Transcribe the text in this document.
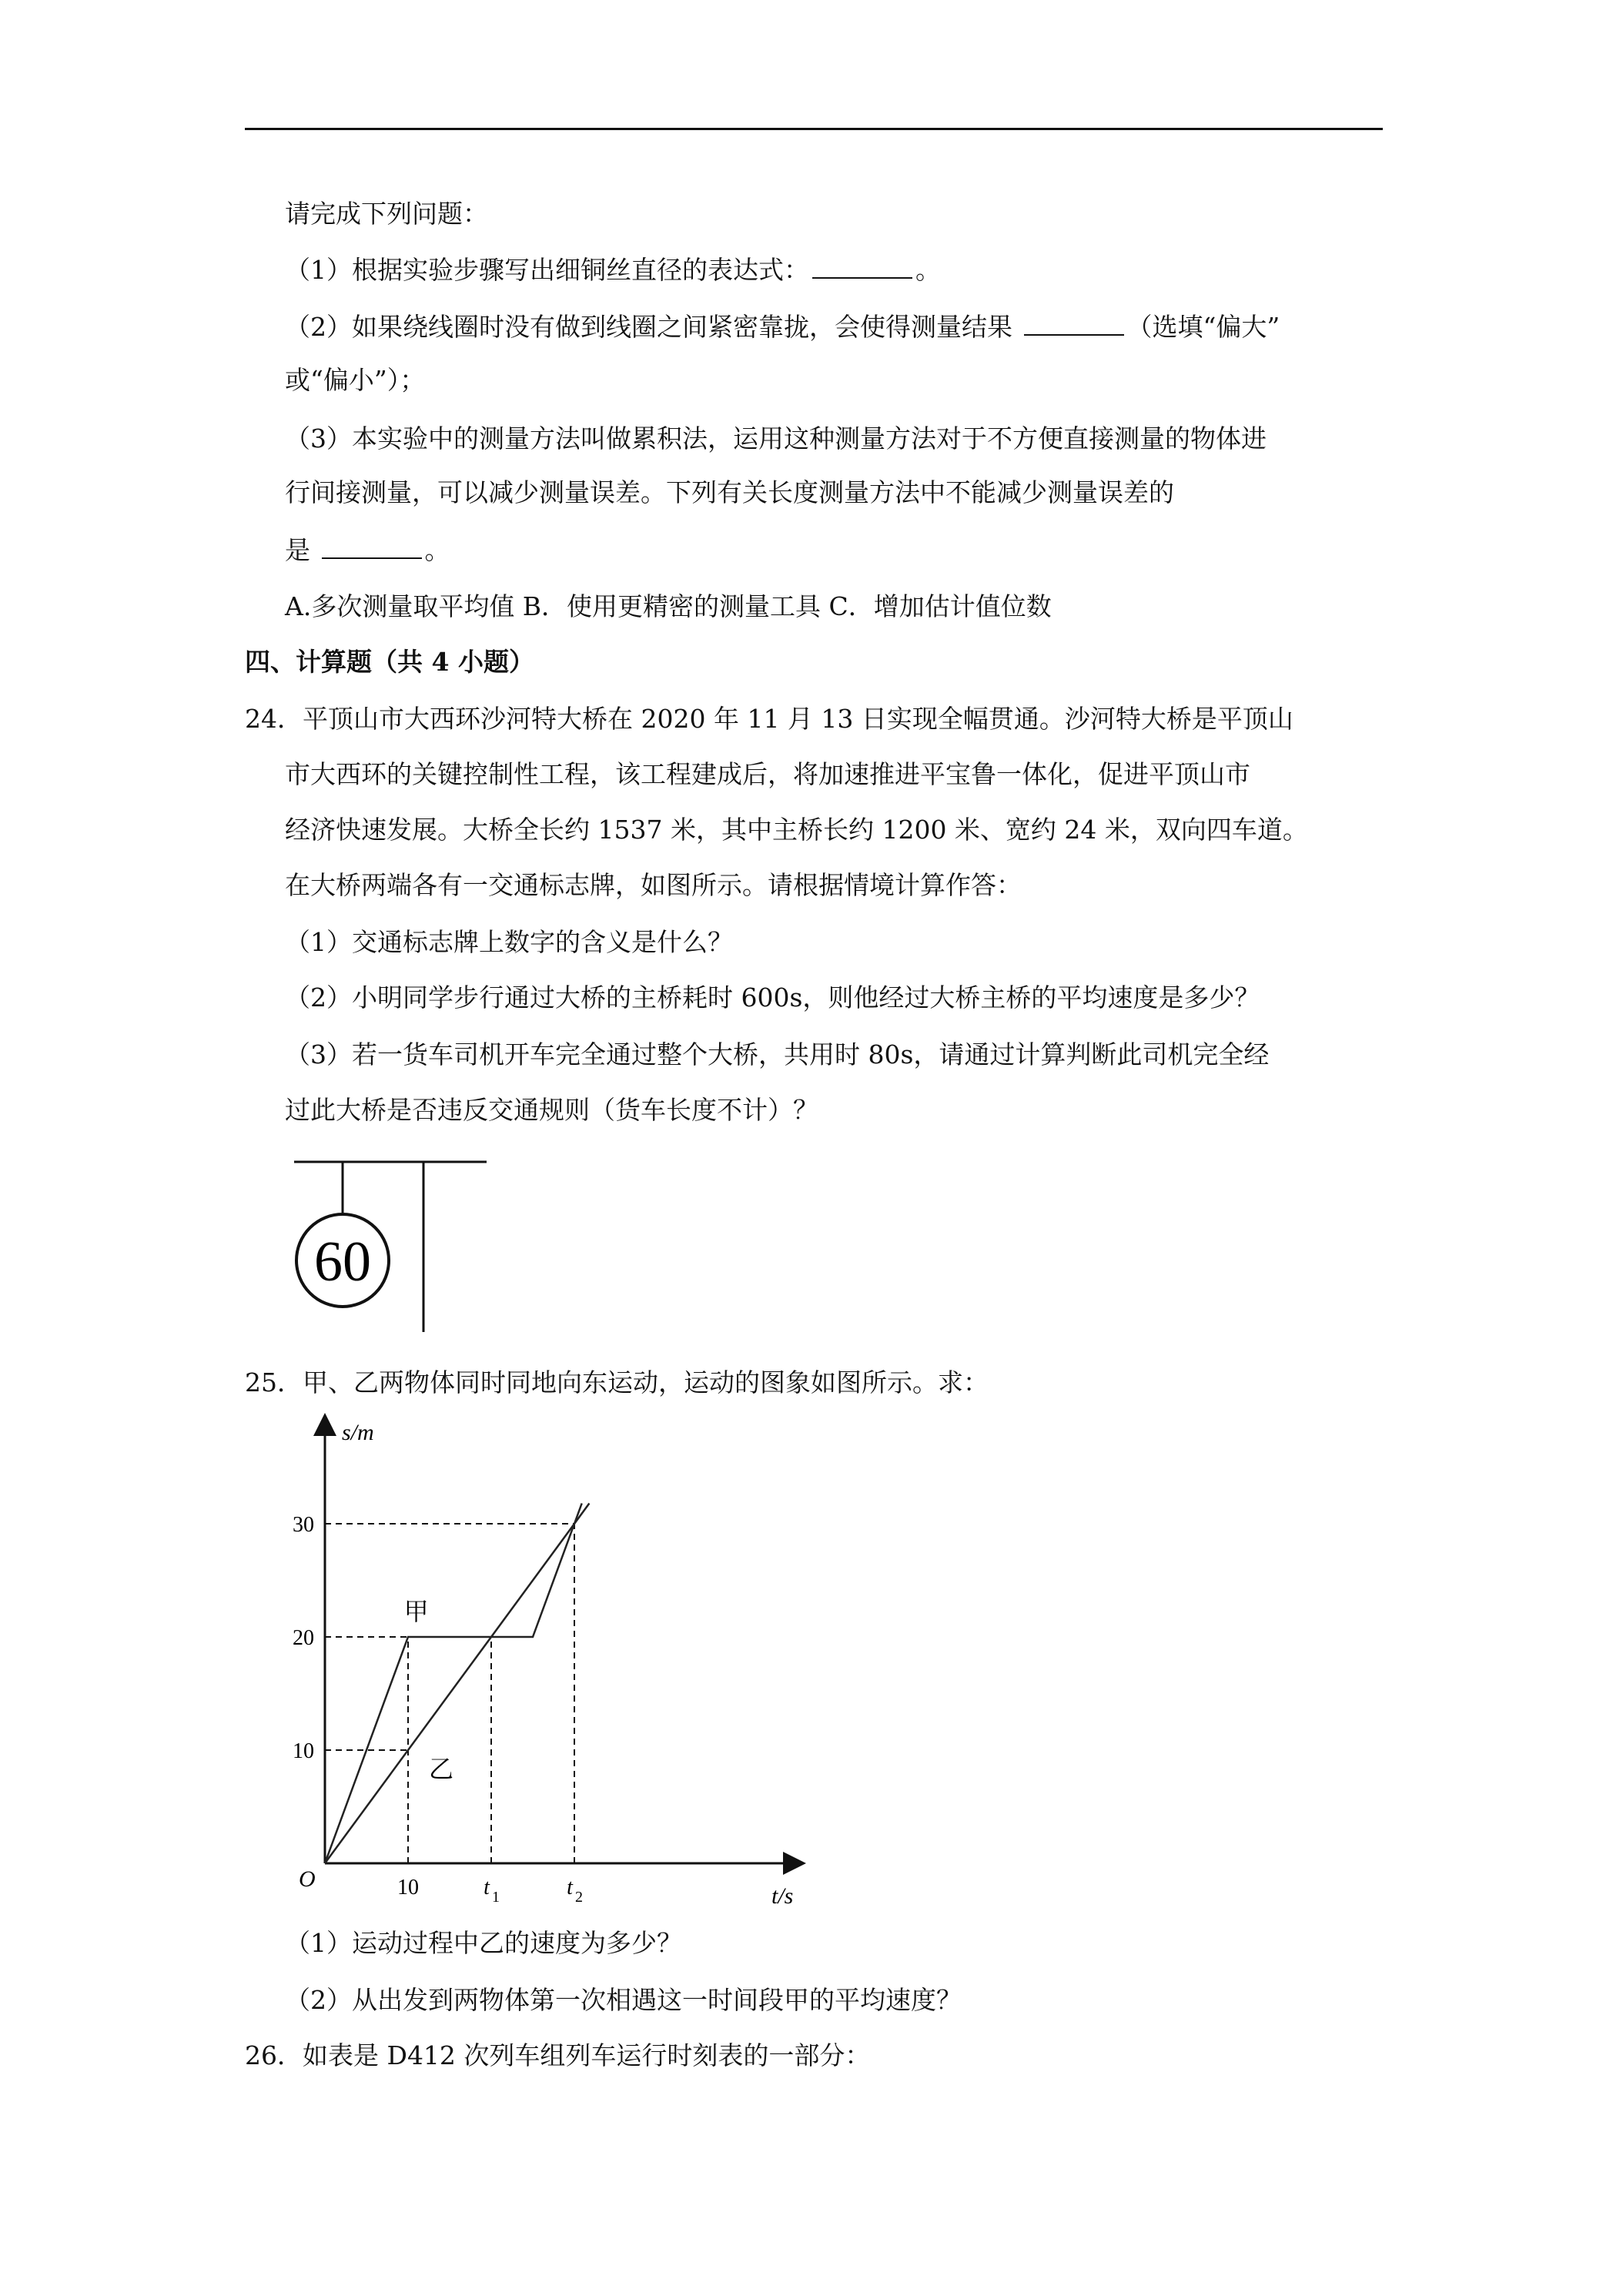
请完成下列问题：
（1）根据实验步骤写出细铜丝直径的表达式：	。
（2）如果绕线圈时没有做到线圈之间紧密靠拢，会使得测量结果	（选填“偏大”
或“偏小”）；
（3）本实验中的测量方法叫做累积法，运用这种测量方法对于不方便直接测量的物体进
行间接测量，可以减少测量误差。下列有关长度测量方法中不能减少测量误差的
是	。
A.多次测量取平均值 B．使用更精密的测量工具 C．增加估计值位数
四、计算题（共 4 小题）
24．平顶山市大西环沙河特大桥在 2020 年 11 月 13 日实现全幅贯通。沙河特大桥是平顶山
市大西环的关键控制性工程，该工程建成后，将加速推进平宝鲁一体化，促进平顶山市
经济快速发展。大桥全长约 1537 米，其中主桥长约 1200 米、宽约 24 米，双向四车道。
在大桥两端各有一交通标志牌，如图所示。请根据情境计算作答：
（1）交通标志牌上数字的含义是什么？
（2）小明同学步行通过大桥的主桥耗时 600s，则他经过大桥主桥的平均速度是多少？
（3）若一货车司机开车完全通过整个大桥，共用时 80s，请通过计算判断此司机完全经
过此大桥是否违反交通规则（货车长度不计）？
60
25．甲、乙两物体同时同地向东运动，运动的图象如图所示。求：
10
20
30
10	t 1	t 2
甲
乙
s/m
t/s
O
（1）运动过程中乙的速度为多少？
（2）从出发到两物体第一次相遇这一时间段甲的平均速度？
26．如表是 D412 次列车组列车运行时刻表的一部分：
